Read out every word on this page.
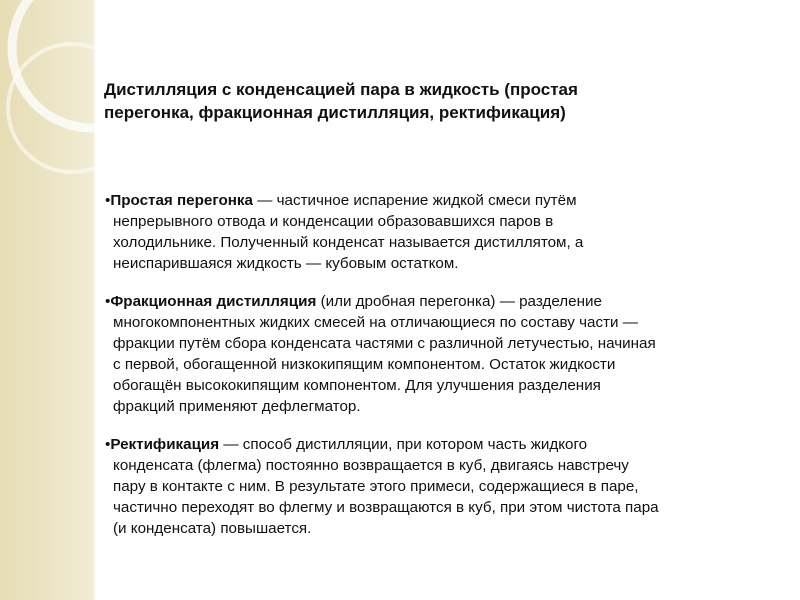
Дистилляция с конденсацией пара в жидкость (простая
перегонка, фракционная дистилляция, ректификация)
•Простая перегонка — частичное испарение жидкой смеси путём
непрерывного отвода и конденсации образовавшихся паров в
холодильнике. Полученный конденсат называется дистиллятом, а
неиспарившаяся жидкость — кубовым остатком.
•Фракционная дистилляция (или дробная перегонка) — разделение
многокомпонентных жидких смесей на отличающиеся по составу части —
фракции путём сбора конденсата частями с различной летучестью, начиная
с первой, обогащенной низкокипящим компонентом. Остаток жидкости
обогащён высококипящим компонентом. Для улучшения разделения
фракций применяют дефлегматор.
•Ректификация — способ дистилляции, при котором часть жидкого
конденсата (флегма) постоянно возвращается в куб, двигаясь навстречу
пару в контакте с ним. В результате этого примеси, содержащиеся в паре,
частично переходят во флегму и возвращаются в куб, при этом чистота пара
(и конденсата) повышается.
